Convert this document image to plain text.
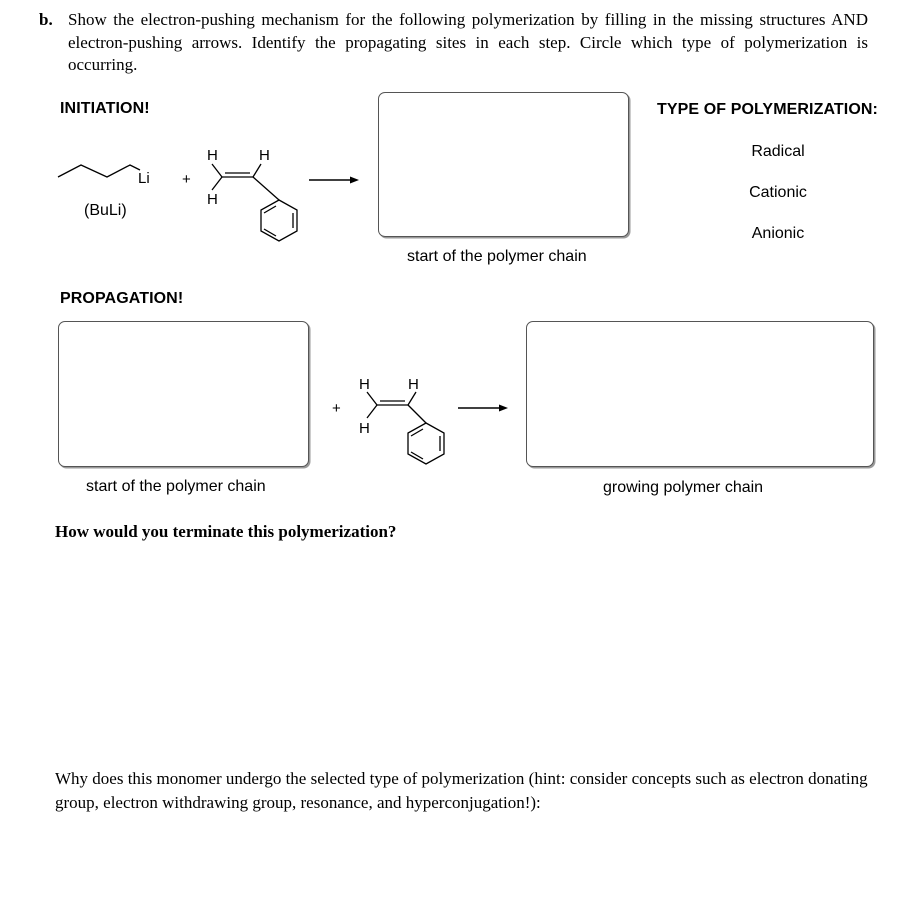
b. Show the electron-pushing mechanism for the following polymerization by filling in the missing structures AND electron-pushing arrows. Identify the propagating sites in each step. Circle which type of polymerization is occurring.
INITIATION!
Li
(BuLi)
+
H	H
H
start of the polymer chain
TYPE OF POLYMERIZATION:
Radical
Cationic
Anionic
PROPAGATION!
start of the polymer chain
+
H	H
H
growing polymer chain
How would you terminate this polymerization?
Why does this monomer undergo the selected type of polymerization (hint: consider concepts such as electron donating group, electron withdrawing group, resonance, and hyperconjugation!):
